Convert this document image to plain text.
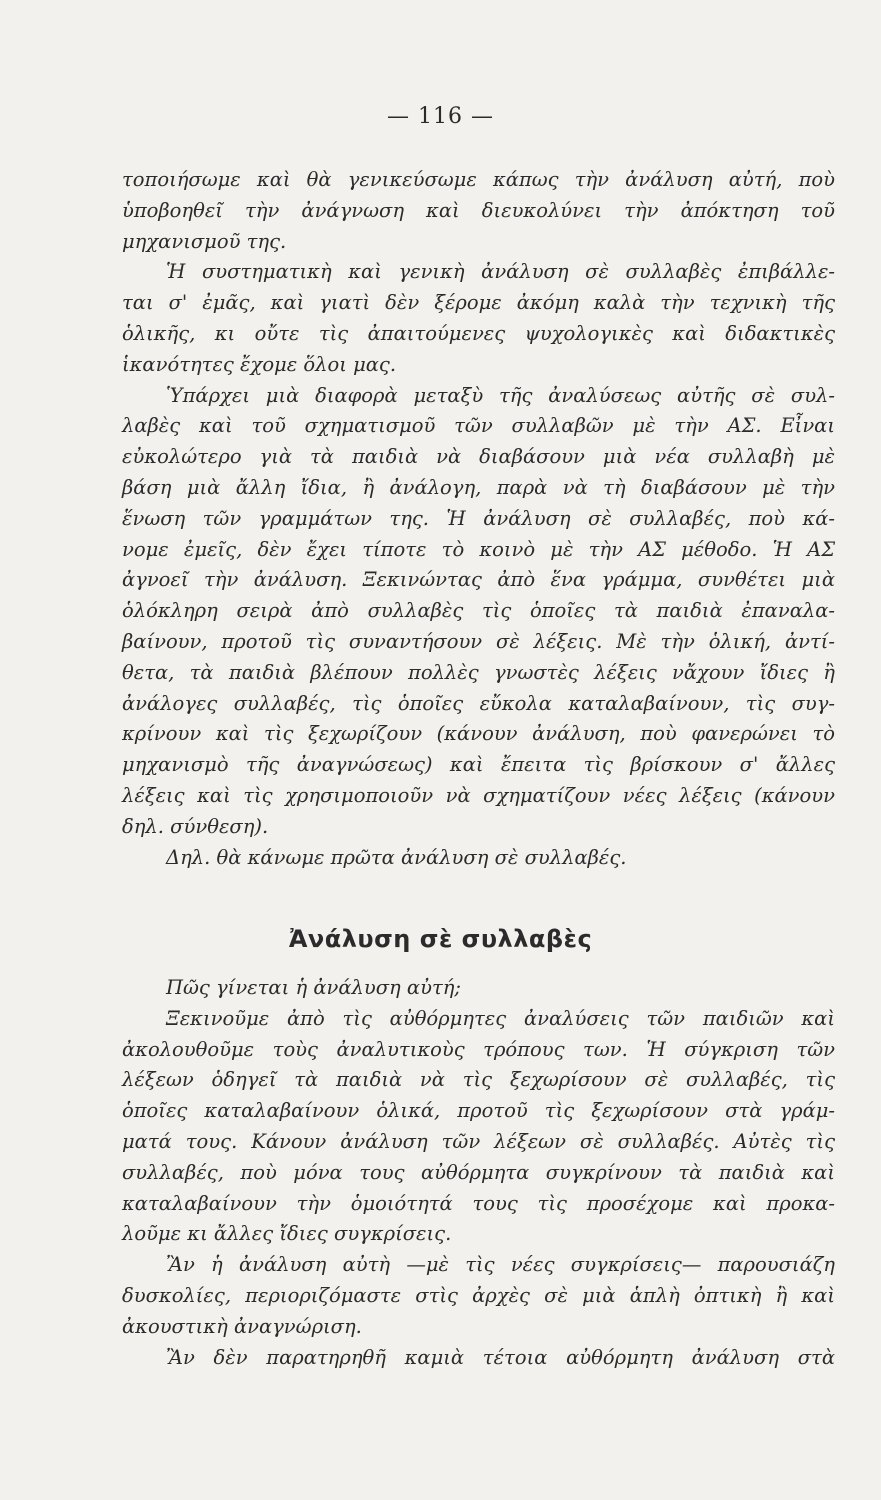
— 116 —
τοποιήσωμε καὶ θὰ γενικεύσωμε κάπως τὴν ἀνάλυση αὐτή, ποὺ
ὑποβοηθεῖ τὴν ἀνάγνωση καὶ διευκολύνει τὴν ἀπόκτηση τοῦ
μηχανισμοῦ της.
Ἡ συστηματικὴ καὶ γενικὴ ἀνάλυση σὲ συλλαβὲς ἐπιβάλλε-
ται σ' ἐμᾶς, καὶ γιατὶ δὲν ξέρομε ἀκόμη καλὰ τὴν τεχνικὴ τῆς
ὁλικῆς, κι οὔτε τὶς ἀπαιτούμενες ψυχολογικὲς καὶ διδακτικὲς
ἱκανότητες ἔχομε ὅλοι μας.
Ὑπάρχει μιὰ διαφορὰ μεταξὺ τῆς ἀναλύσεως αὐτῆς σὲ συλ-
λαβὲς καὶ τοῦ σχηματισμοῦ τῶν συλλαβῶν μὲ τὴν ΑΣ. Εἶναι
εὐκολώτερο γιὰ τὰ παιδιὰ νὰ διαβάσουν μιὰ νέα συλλαβὴ μὲ
βάση μιὰ ἄλλη ἴδια, ἢ ἀνάλογη, παρὰ νὰ τὴ διαβάσουν μὲ τὴν
ἕνωση τῶν γραμμάτων της. Ἡ ἀνάλυση σὲ συλλαβές, ποὺ κά-
νομε ἐμεῖς, δὲν ἔχει τίποτε τὸ κοινὸ μὲ τὴν ΑΣ μέθοδο. Ἡ ΑΣ
ἀγνοεῖ τὴν ἀνάλυση. Ξεκινώντας ἀπὸ ἕνα γράμμα, συνθέτει μιὰ
ὁλόκληρη σειρὰ ἀπὸ συλλαβὲς τὶς ὁποῖες τὰ παιδιὰ ἐπαναλα-
βαίνουν, προτοῦ τὶς συναντήσουν σὲ λέξεις. Μὲ τὴν ὁλική, ἀντί-
θετα, τὰ παιδιὰ βλέπουν πολλὲς γνωστὲς λέξεις νἄχουν ἴδιες ἢ
ἀνάλογες συλλαβές, τὶς ὁποῖες εὔκολα καταλαβαίνουν, τὶς συγ-
κρίνουν καὶ τὶς ξεχωρίζουν (κάνουν ἀνάλυση, ποὺ φανερώνει τὸ
μηχανισμὸ τῆς ἀναγνώσεως) καὶ ἔπειτα τὶς βρίσκουν σ' ἄλλες
λέξεις καὶ τὶς χρησιμοποιοῦν νὰ σχηματίζουν νέες λέξεις (κάνουν
δηλ. σύνθεση).
Δηλ. θὰ κάνωμε πρῶτα ἀνάλυση σὲ συλλαβές.
Ἀνάλυση σὲ συλλαβὲς
Πῶς γίνεται ἡ ἀνάλυση αὐτή;
Ξεκινοῦμε ἀπὸ τὶς αὐθόρμητες ἀναλύσεις τῶν παιδιῶν καὶ
ἀκολουθοῦμε τοὺς ἀναλυτικοὺς τρόπους των. Ἡ σύγκριση τῶν
λέξεων ὁδηγεῖ τὰ παιδιὰ νὰ τὶς ξεχωρίσουν σὲ συλλαβές, τὶς
ὁποῖες καταλαβαίνουν ὁλικά, προτοῦ τὶς ξεχωρίσουν στὰ γράμ-
ματά τους. Κάνουν ἀνάλυση τῶν λέξεων σὲ συλλαβές. Αὐτὲς τὶς
συλλαβές, ποὺ μόνα τους αὐθόρμητα συγκρίνουν τὰ παιδιὰ καὶ
καταλαβαίνουν τὴν ὁμοιότητά τους τὶς προσέχομε καὶ προκα-
λοῦμε κι ἄλλες ἴδιες συγκρίσεις.
Ἂν ἡ ἀνάλυση αὐτὴ —μὲ τὶς νέες συγκρίσεις— παρουσιάζη
δυσκολίες, περιοριζόμαστε στὶς ἀρχὲς σὲ μιὰ ἁπλὴ ὀπτικὴ ἢ καὶ
ἀκουστικὴ ἀναγνώριση.
Ἂν δὲν παρατηρηθῆ καμιὰ τέτοια αὐθόρμητη ἀνάλυση στὰ
